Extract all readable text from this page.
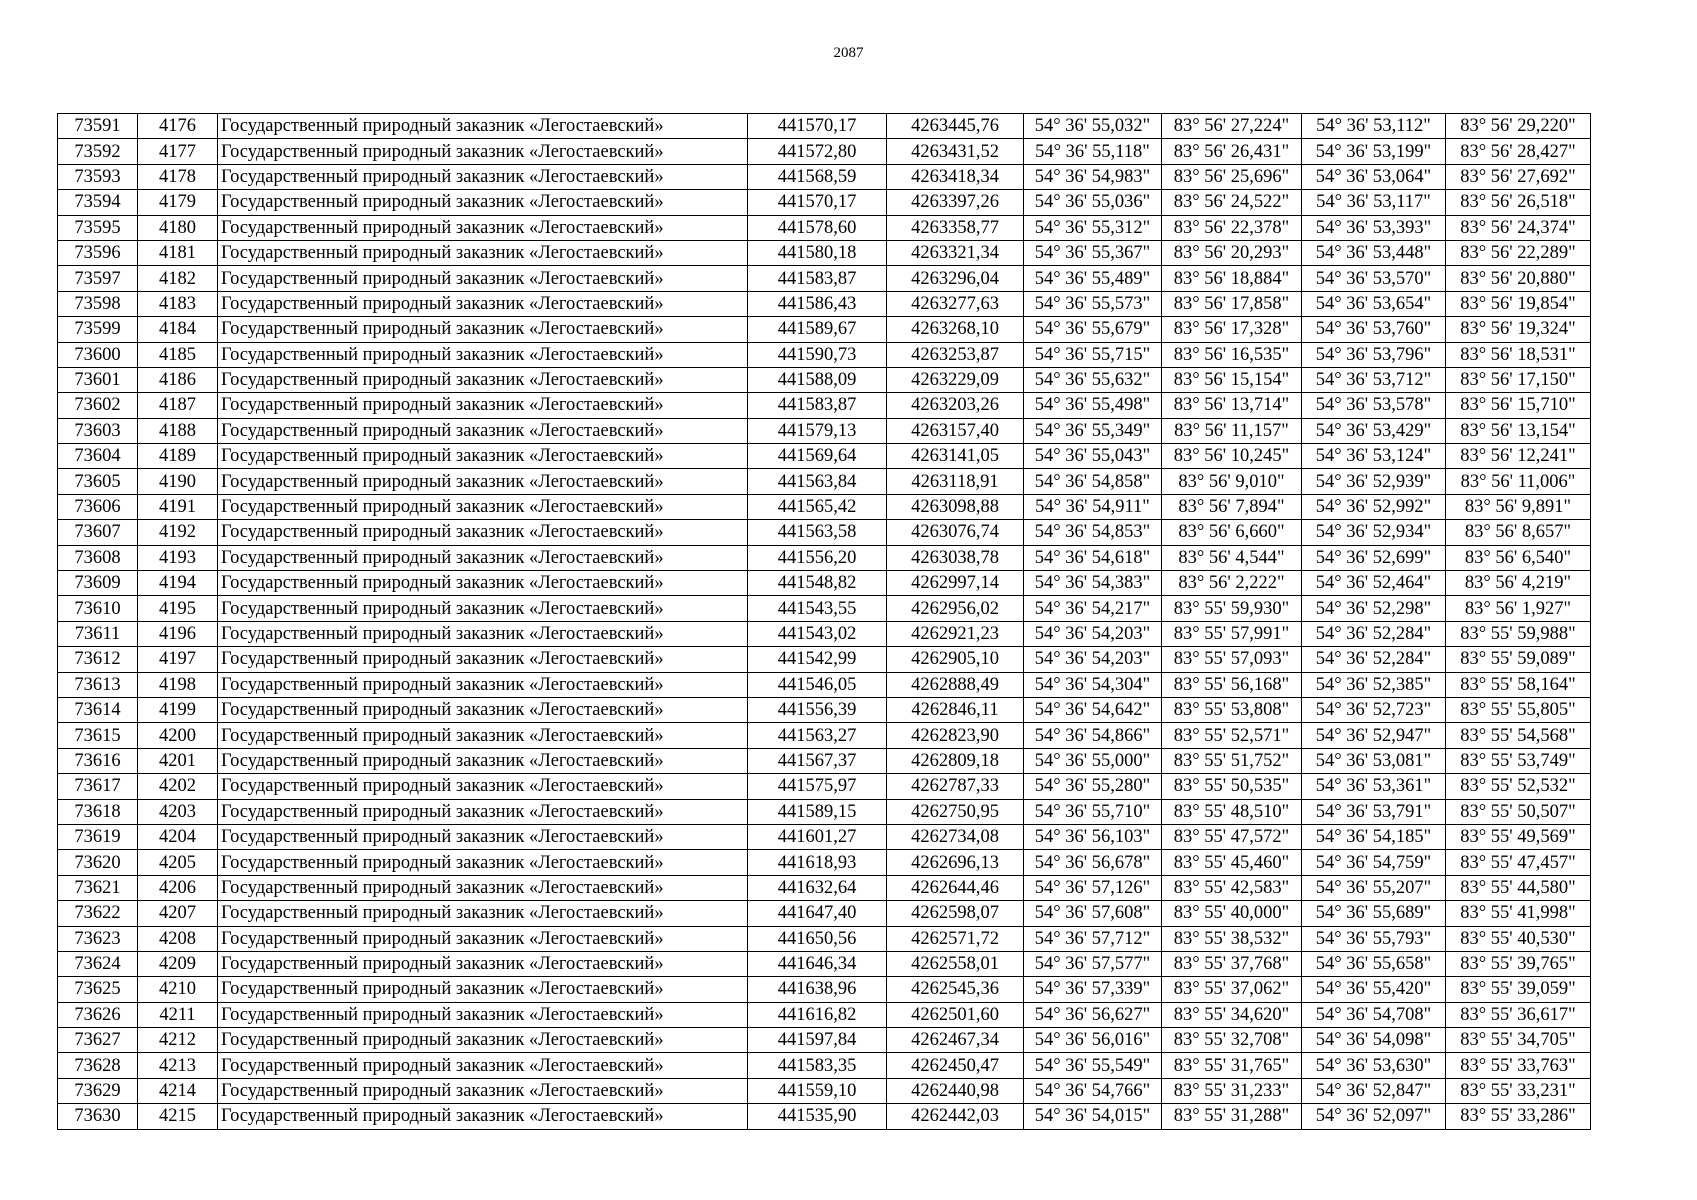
2087
73591	4176	Государственный природный заказник «Легостаевский»	441570,17	4263445,76	54° 36' 55,032"	83° 56' 27,224"	54° 36' 53,112"	83° 56' 29,220"
73592	4177	Государственный природный заказник «Легостаевский»	441572,80	4263431,52	54° 36' 55,118"	83° 56' 26,431"	54° 36' 53,199"	83° 56' 28,427"
73593	4178	Государственный природный заказник «Легостаевский»	441568,59	4263418,34	54° 36' 54,983"	83° 56' 25,696"	54° 36' 53,064"	83° 56' 27,692"
73594	4179	Государственный природный заказник «Легостаевский»	441570,17	4263397,26	54° 36' 55,036"	83° 56' 24,522"	54° 36' 53,117"	83° 56' 26,518"
73595	4180	Государственный природный заказник «Легостаевский»	441578,60	4263358,77	54° 36' 55,312"	83° 56' 22,378"	54° 36' 53,393"	83° 56' 24,374"
73596	4181	Государственный природный заказник «Легостаевский»	441580,18	4263321,34	54° 36' 55,367"	83° 56' 20,293"	54° 36' 53,448"	83° 56' 22,289"
73597	4182	Государственный природный заказник «Легостаевский»	441583,87	4263296,04	54° 36' 55,489"	83° 56' 18,884"	54° 36' 53,570"	83° 56' 20,880"
73598	4183	Государственный природный заказник «Легостаевский»	441586,43	4263277,63	54° 36' 55,573"	83° 56' 17,858"	54° 36' 53,654"	83° 56' 19,854"
73599	4184	Государственный природный заказник «Легостаевский»	441589,67	4263268,10	54° 36' 55,679"	83° 56' 17,328"	54° 36' 53,760"	83° 56' 19,324"
73600	4185	Государственный природный заказник «Легостаевский»	441590,73	4263253,87	54° 36' 55,715"	83° 56' 16,535"	54° 36' 53,796"	83° 56' 18,531"
73601	4186	Государственный природный заказник «Легостаевский»	441588,09	4263229,09	54° 36' 55,632"	83° 56' 15,154"	54° 36' 53,712"	83° 56' 17,150"
73602	4187	Государственный природный заказник «Легостаевский»	441583,87	4263203,26	54° 36' 55,498"	83° 56' 13,714"	54° 36' 53,578"	83° 56' 15,710"
73603	4188	Государственный природный заказник «Легостаевский»	441579,13	4263157,40	54° 36' 55,349"	83° 56' 11,157"	54° 36' 53,429"	83° 56' 13,154"
73604	4189	Государственный природный заказник «Легостаевский»	441569,64	4263141,05	54° 36' 55,043"	83° 56' 10,245"	54° 36' 53,124"	83° 56' 12,241"
73605	4190	Государственный природный заказник «Легостаевский»	441563,84	4263118,91	54° 36' 54,858"	83° 56' 9,010"	54° 36' 52,939"	83° 56' 11,006"
73606	4191	Государственный природный заказник «Легостаевский»	441565,42	4263098,88	54° 36' 54,911"	83° 56' 7,894"	54° 36' 52,992"	83° 56' 9,891"
73607	4192	Государственный природный заказник «Легостаевский»	441563,58	4263076,74	54° 36' 54,853"	83° 56' 6,660"	54° 36' 52,934"	83° 56' 8,657"
73608	4193	Государственный природный заказник «Легостаевский»	441556,20	4263038,78	54° 36' 54,618"	83° 56' 4,544"	54° 36' 52,699"	83° 56' 6,540"
73609	4194	Государственный природный заказник «Легостаевский»	441548,82	4262997,14	54° 36' 54,383"	83° 56' 2,222"	54° 36' 52,464"	83° 56' 4,219"
73610	4195	Государственный природный заказник «Легостаевский»	441543,55	4262956,02	54° 36' 54,217"	83° 55' 59,930"	54° 36' 52,298"	83° 56' 1,927"
73611	4196	Государственный природный заказник «Легостаевский»	441543,02	4262921,23	54° 36' 54,203"	83° 55' 57,991"	54° 36' 52,284"	83° 55' 59,988"
73612	4197	Государственный природный заказник «Легостаевский»	441542,99	4262905,10	54° 36' 54,203"	83° 55' 57,093"	54° 36' 52,284"	83° 55' 59,089"
73613	4198	Государственный природный заказник «Легостаевский»	441546,05	4262888,49	54° 36' 54,304"	83° 55' 56,168"	54° 36' 52,385"	83° 55' 58,164"
73614	4199	Государственный природный заказник «Легостаевский»	441556,39	4262846,11	54° 36' 54,642"	83° 55' 53,808"	54° 36' 52,723"	83° 55' 55,805"
73615	4200	Государственный природный заказник «Легостаевский»	441563,27	4262823,90	54° 36' 54,866"	83° 55' 52,571"	54° 36' 52,947"	83° 55' 54,568"
73616	4201	Государственный природный заказник «Легостаевский»	441567,37	4262809,18	54° 36' 55,000"	83° 55' 51,752"	54° 36' 53,081"	83° 55' 53,749"
73617	4202	Государственный природный заказник «Легостаевский»	441575,97	4262787,33	54° 36' 55,280"	83° 55' 50,535"	54° 36' 53,361"	83° 55' 52,532"
73618	4203	Государственный природный заказник «Легостаевский»	441589,15	4262750,95	54° 36' 55,710"	83° 55' 48,510"	54° 36' 53,791"	83° 55' 50,507"
73619	4204	Государственный природный заказник «Легостаевский»	441601,27	4262734,08	54° 36' 56,103"	83° 55' 47,572"	54° 36' 54,185"	83° 55' 49,569"
73620	4205	Государственный природный заказник «Легостаевский»	441618,93	4262696,13	54° 36' 56,678"	83° 55' 45,460"	54° 36' 54,759"	83° 55' 47,457"
73621	4206	Государственный природный заказник «Легостаевский»	441632,64	4262644,46	54° 36' 57,126"	83° 55' 42,583"	54° 36' 55,207"	83° 55' 44,580"
73622	4207	Государственный природный заказник «Легостаевский»	441647,40	4262598,07	54° 36' 57,608"	83° 55' 40,000"	54° 36' 55,689"	83° 55' 41,998"
73623	4208	Государственный природный заказник «Легостаевский»	441650,56	4262571,72	54° 36' 57,712"	83° 55' 38,532"	54° 36' 55,793"	83° 55' 40,530"
73624	4209	Государственный природный заказник «Легостаевский»	441646,34	4262558,01	54° 36' 57,577"	83° 55' 37,768"	54° 36' 55,658"	83° 55' 39,765"
73625	4210	Государственный природный заказник «Легостаевский»	441638,96	4262545,36	54° 36' 57,339"	83° 55' 37,062"	54° 36' 55,420"	83° 55' 39,059"
73626	4211	Государственный природный заказник «Легостаевский»	441616,82	4262501,60	54° 36' 56,627"	83° 55' 34,620"	54° 36' 54,708"	83° 55' 36,617"
73627	4212	Государственный природный заказник «Легостаевский»	441597,84	4262467,34	54° 36' 56,016"	83° 55' 32,708"	54° 36' 54,098"	83° 55' 34,705"
73628	4213	Государственный природный заказник «Легостаевский»	441583,35	4262450,47	54° 36' 55,549"	83° 55' 31,765"	54° 36' 53,630"	83° 55' 33,763"
73629	4214	Государственный природный заказник «Легостаевский»	441559,10	4262440,98	54° 36' 54,766"	83° 55' 31,233"	54° 36' 52,847"	83° 55' 33,231"
73630	4215	Государственный природный заказник «Легостаевский»	441535,90	4262442,03	54° 36' 54,015"	83° 55' 31,288"	54° 36' 52,097"	83° 55' 33,286"
